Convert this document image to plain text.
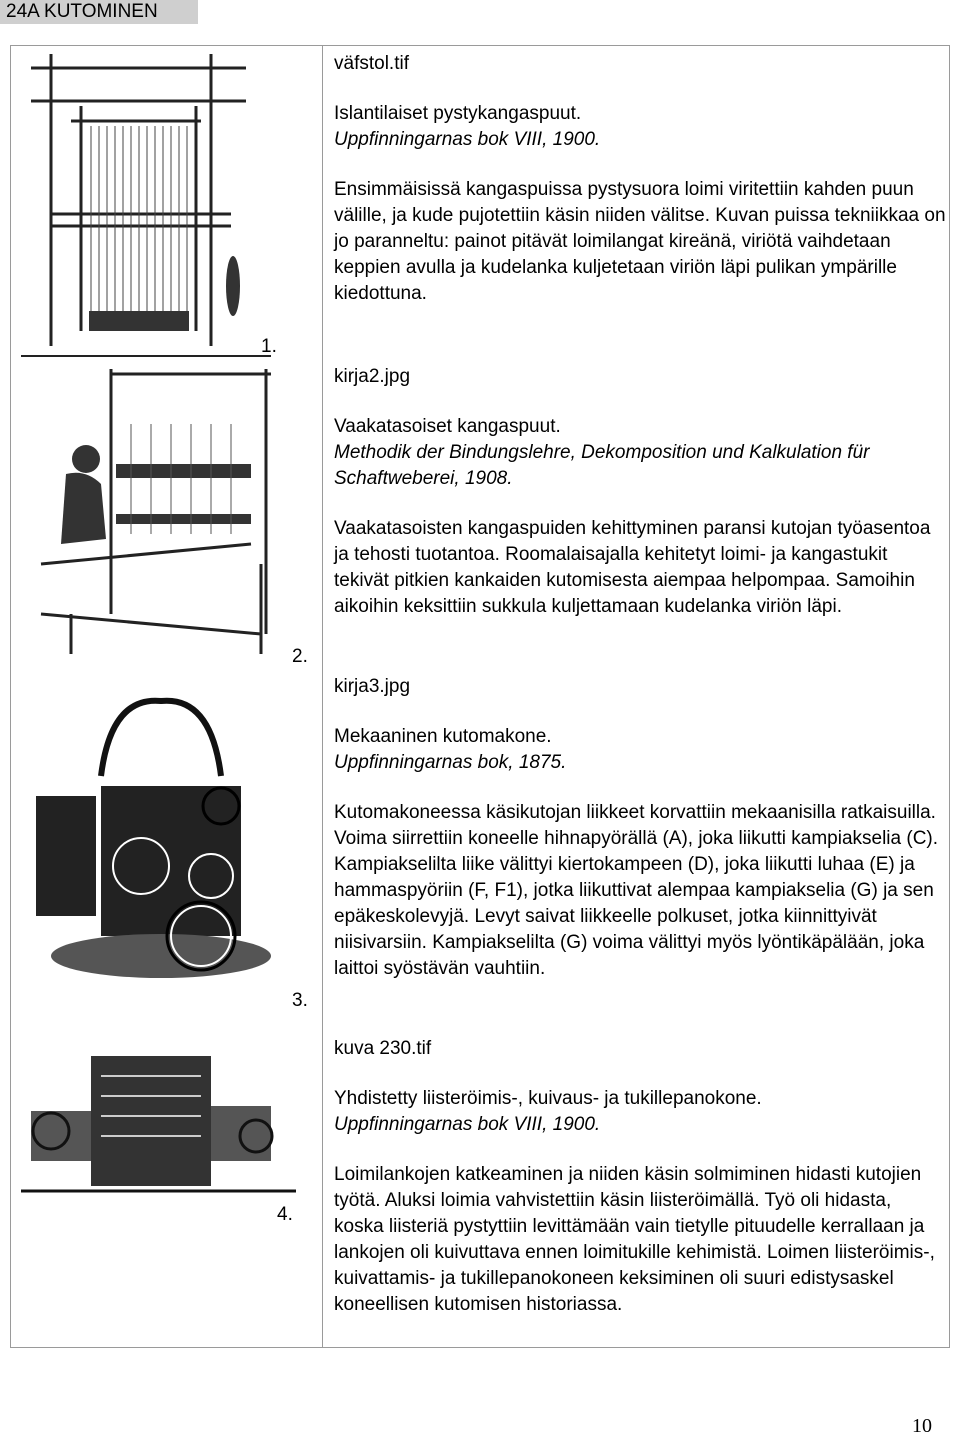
24A KUTOMINEN
1.

väfstol.tif

Islantilaiset pystykangaspuut.

Uppfinningarnas bok VIII, 1900.

Ensimmäisissä kangaspuissa pystysuora loimi viritettiin kahden puun välille, ja kude pujotettiin käsin niiden välitse. Kuvan puissa tekniikkaa on jo paranneltu: painot pitävät loimilangat kireänä, viriötä vaihdetaan keppien avulla ja kudelanka kuljetetaan viriön läpi pulikan ympärille kiedottuna.

2.

kirja2.jpg

Vaakatasoiset kangaspuut.

Methodik der Bindungslehre, Dekomposition und Kalkulation für Schaftweberei, 1908.

Vaakatasoisten kangaspuiden kehittyminen paransi kutojan työasentoa ja tehosti tuotantoa. Roomalaisajalla kehitetyt loimi- ja kangastukit tekivät pitkien kankaiden kutomisesta aiempaa helpompaa. Samoihin aikoihin keksittiin sukkula kuljettamaan kudelanka viriön läpi.

3.

kirja3.jpg

Mekaaninen kutomakone.

Uppfinningarnas bok, 1875.

Kutomakoneessa käsikutojan liikkeet korvattiin mekaanisilla ratkaisuilla. Voima siirrettiin koneelle hihnapyörällä (A), joka liikutti kampiakselia (C). Kampiakselilta liike välittyi kiertokampeen (D), joka liikutti luhaa (E) ja hammaspyöriin (F, F1), jotka liikuttivat alempaa kampiakselia (G) ja sen epäkeskolevyjä. Levyt saivat liikkeelle polkuset, jotka kiinnittyivät niisivarsiin. Kampiakselilta (G) voima välittyi myös lyöntikäpälään, joka laittoi syöstävän vauhtiin.

4.

kuva 230.tif

Yhdistetty liisteröimis-, kuivaus- ja tukillepanokone.

Uppfinningarnas bok VIII, 1900.

Loimilankojen katkeaminen ja niiden käsin solmiminen hidasti kutojien työtä. Aluksi loimia vahvistettiin käsin liisteröimällä. Työ oli hidasta, koska liisteriä pystyttiin levittämään vain tietylle pituudelle kerrallaan ja lankojen oli kuivuttava ennen loimitukille kehimistä. Loimen liisteröimis-, kuivattamis- ja tukillepanokoneen keksiminen oli suuri edistysaskel koneellisen kutomisen historiassa.

10
